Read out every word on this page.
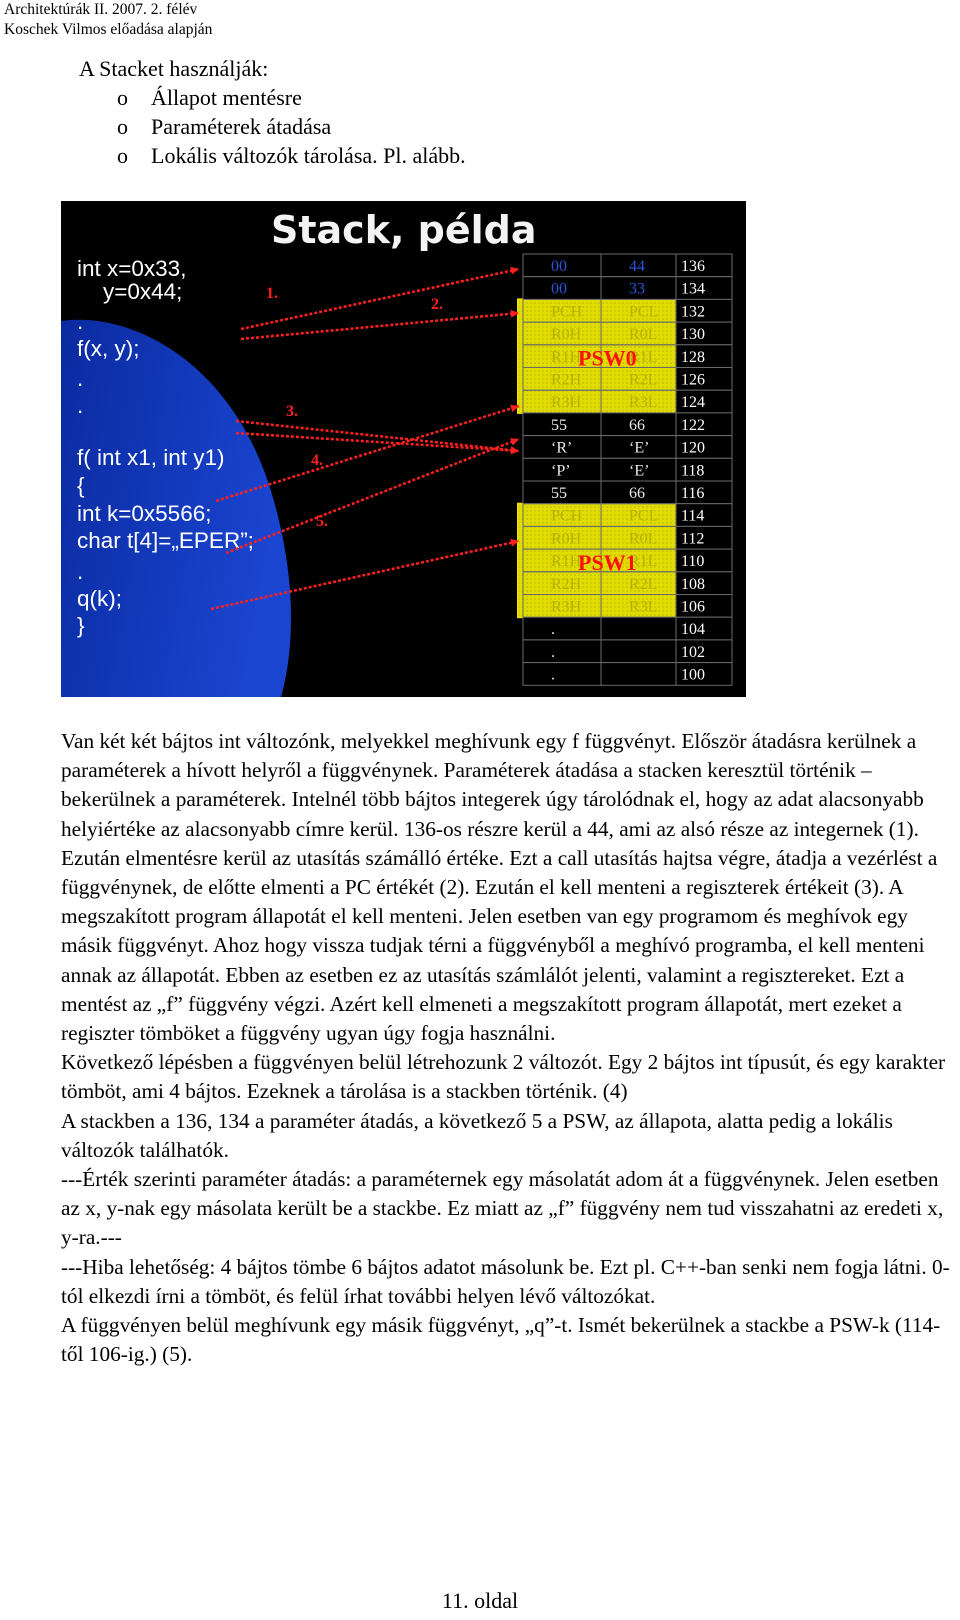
Architektúrák II. 2007. 2. félév
Koschek Vilmos előadása alapján
A Stacket használják:
o Állapot mentésre
o Paraméterek átadása
o Lokális változók tárolása. Pl. alább.
Stack, példa
int x=0x33,
y=0x44;
.
f(x, y);
.
.
f( int x1, int y1)
{
int k=0x5566;
char t[4]=„EPER”;
.
q(k);
}
00	44 136
00	33 134
PCH	PCL 132
R0H	R0L 130
R1H	R1L 128
R2H	R2L 126
R3H	R3L 124
55	66 122
‘R’	‘E’ 120
‘P’	‘E’ 118
55	66 116
PCH	PCL 114
R0H	R0L 112
R1H	R1L 110
R2H	R2L 108
R3H	R3L 106
.	104
.	102
.	100
PSW0
PSW1
1.
2.
3.
4.
5.

Van két két bájtos int változónk, melyekkel meghívunk egy f függvényt. Először átadásra kerülnek a paraméterek a hívott helyről a függvénynek. Paraméterek átadása a stacken keresztül történik – bekerülnek a paraméterek. Intelnél több bájtos integerek úgy tárolódnak el, hogy az adat alacsonyabb helyiértéke az alacsonyabb címre kerül. 136-os részre kerül a 44, ami az alsó része az integernek (1). Ezután elmentésre kerül az utasítás számálló értéke. Ezt a call utasítás hajtsa végre, átadja a vezérlést a függvénynek, de előtte elmenti a PC értékét (2). Ezután el kell menteni a regiszterek értékeit (3). A megszakított program állapotát el kell menteni. Jelen esetben van egy programom és meghívok egy másik függvényt. Ahoz hogy vissza tudjak térni a függvényből a meghívó programba, el kell menteni annak az állapotát. Ebben az esetben ez az utasítás számlálót jelenti, valamint a regisztereket. Ezt a mentést az „f” függvény végzi. Azért kell elmeneti a megszakított program állapotát, mert ezeket a regiszter tömböket a függvény ugyan úgy fogja használni.

Következő lépésben a függvényen belül létrehozunk 2 változót. Egy 2 bájtos int típusút, és egy karakter tömböt, ami 4 bájtos. Ezeknek a tárolása is a stackben történik. (4)

A stackben a 136, 134 a paraméter átadás, a következő 5 a PSW, az állapota, alatta pedig a lokális változók találhatók.

---Érték szerinti paraméter átadás: a paraméternek egy másolatát adom át a függvénynek. Jelen esetben az x, y-nak egy másolata került be a stackbe. Ez miatt az „f” függvény nem tud visszahatni az eredeti x, y-ra.---

---Hiba lehetőség: 4 bájtos tömbe 6 bájtos adatot másolunk be. Ezt pl. C++-ban senki nem fogja látni. 0-tól elkezdi írni a tömböt, és felül írhat további helyen lévő változókat.

A függvényen belül meghívunk egy másik függvényt, „q”-t. Ismét bekerülnek a stackbe a PSW-k (114-től 106-ig.) (5).

11. oldal
